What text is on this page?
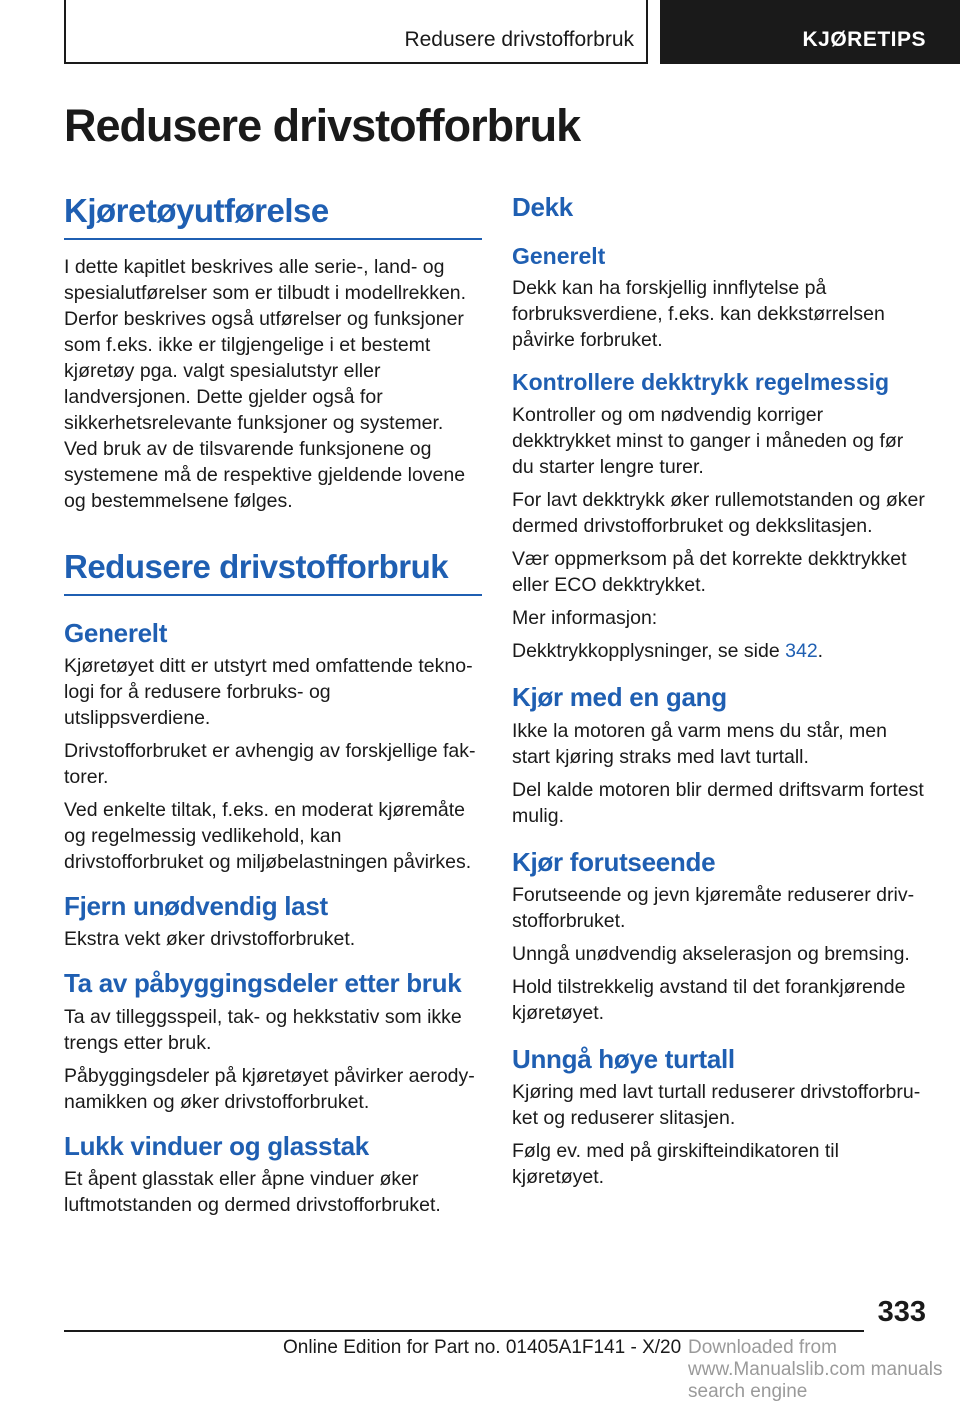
Redusere drivstofforbruk	KJØRETIPS
Redusere drivstofforbruk
Kjøretøyutførelse

I dette kapitlet beskrives alle serie-, land- og spesialutførelser som er tilbudt i modellrekken. Derfor beskrives også utførelser og funksjoner som f.eks. ikke er tilgjengelige i et bestemt kjøretøy pga. valgt spesialutstyr eller landversjonen. Dette gjelder også for sikkerhetsrelevante funksjoner og systemer. Ved bruk av de tilsvarende funksjonene og systemene må de respektive gjeldende lovene og bestemmelsene følges.

Redusere drivstofforbruk
Generelt

Kjøretøyet ditt er utstyrt med omfattende teknologi for å redusere forbruks- og utslippsverdiene.

Drivstofforbruket er avhengig av forskjellige faktorer.

Ved enkelte tiltak, f.eks. en moderat kjøremåte og regelmessig vedlikehold, kan drivstofforbruket og miljøbelastningen påvirkes.

Fjern unødvendig last

Ekstra vekt øker drivstofforbruket.

Ta av påbyggingsdeler etter bruk

Ta av tilleggsspeil, tak- og hekkstativ som ikke trengs etter bruk.

Påbyggingsdeler på kjøretøyet påvirker aerodynamikken og øker drivstofforbruket.

Lukk vinduer og glasstak

Et åpent glasstak eller åpne vinduer øker luftmotstanden og dermed drivstofforbruket.

Dekk
Generelt

Dekk kan ha forskjellig innflytelse på forbruksverdiene, f.eks. kan dekkstørrelsen påvirke forbruket.

Kontrollere dekktrykk regelmessig

Kontroller og om nødvendig korriger dekktrykket minst to ganger i måneden og før du starter lengre turer.

For lavt dekktrykk øker rullemotstanden og øker dermed drivstofforbruket og dekkslitasjen.

Vær oppmerksom på det korrekte dekktrykket eller ECO dekktrykket.

Mer informasjon:

Dekktrykkopplysninger, se side 342.

Kjør med en gang

Ikke la motoren gå varm mens du står, men start kjøring straks med lavt turtall.

Del kalde motoren blir dermed driftsvarm fortest mulig.

Kjør forutseende

Forutseende og jevn kjøremåte reduserer drivstofforbruket.

Unngå unødvendig akselerasjon og bremsing.

Hold tilstrekkelig avstand til det forankjørende kjøretøyet.

Unngå høye turtall

Kjøring med lavt turtall reduserer drivstofforbruket og reduserer slitasjen.

Følg ev. med på girskifteindikatoren til kjøretøyet.

333
Online Edition for Part no. 01405A1F141 - X/20 Downloaded from www.Manualslib.com manuals search engine
